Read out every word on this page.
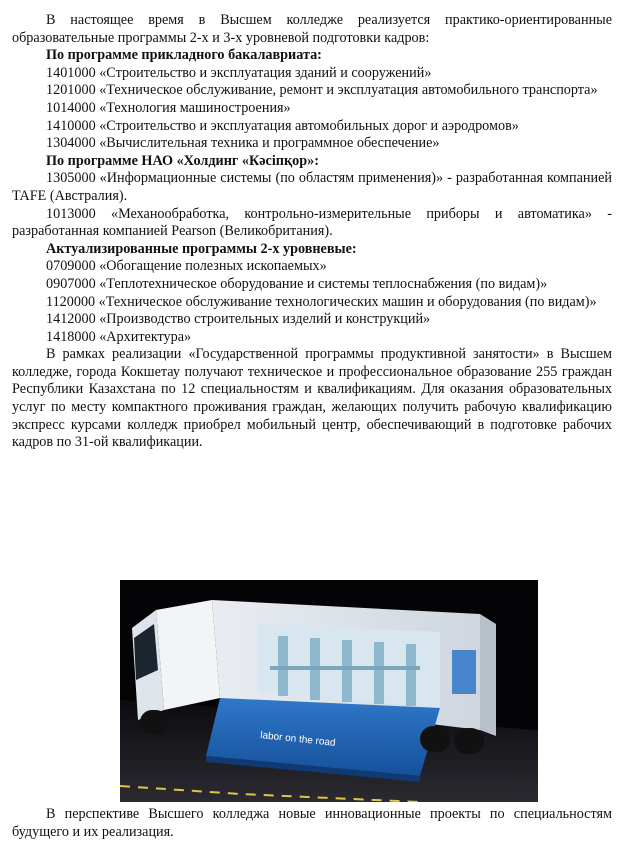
В настоящее время в Высшем колледже реализуется практико-ориентированные образовательные программы 2-х и 3-х уровневой подготовки кадров:

По программе прикладного бакалавриата:

1401000 «Строительство и эксплуатация зданий и сооружений»

1201000 «Техническое обслуживание, ремонт и эксплуатация автомобильного транспорта»

1014000 «Технология машиностроения»

1410000 «Строительство и эксплуатация автомобильных дорог и аэродромов»

1304000 «Вычислительная техника и программное обеспечение»

По программе НАО «Холдинг «Кәсіпқор»:

1305000 «Информационные системы (по областям применения)» - разработанная компанией TAFE (Австралия).

1013000 «Механообработка, контрольно-измерительные приборы и автоматика» - разработанная компанией Pearson (Великобритания).

Актуализированные программы 2-х уровневые:

0709000 «Обогащение полезных ископаемых»

0907000 «Теплотехническое оборудование и системы теплоснабжения (по видам)»

1120000 «Техническое обслуживание технологических машин и оборудования (по видам)»

1412000 «Производство строительных изделий и конструкций»

1418000 «Архитектура»

В рамках реализации «Государственной программы продуктивной занятости» в Высшем колледже, города Кокшетау получают техническое и профессиональное образование 255 граждан Республики Казахстана по 12 специальностям и квалификациям. Для оказания образовательных услуг по месту компактного проживания граждан, желающих получить рабочую квалификацию экспресс курсами колледж приобрел мобильный центр, обеспечивающий в подготовке рабочих кадров по 31-ой квалификации.

labor on the road

В перспективе Высшего колледжа новые инновационные проекты по специальностям будущего и их реализация.
